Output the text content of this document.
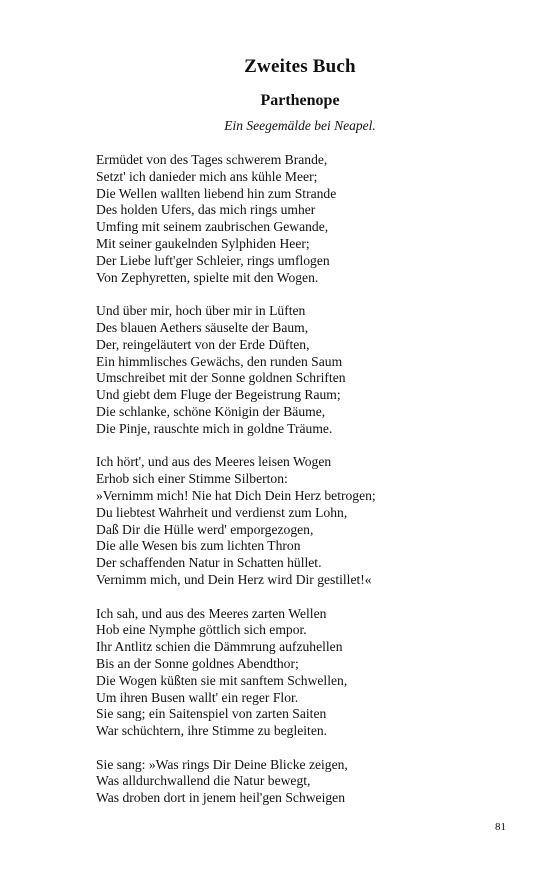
Zweites Buch
Parthenope
Ein Seegemälde bei Neapel.
Ermüdet von des Tages schwerem Brande,
Setzt' ich danieder mich ans kühle Meer;
Die Wellen wallten liebend hin zum Strande
Des holden Ufers, das mich rings umher
Umfing mit seinem zaubrischen Gewande,
Mit seiner gaukelnden Sylphiden Heer;
Der Liebe luft'ger Schleier, rings umflogen
Von Zephyretten, spielte mit den Wogen.
Und über mir, hoch über mir in Lüften
Des blauen Aethers säuselte der Baum,
Der, reingeläutert von der Erde Düften,
Ein himmlisches Gewächs, den runden Saum
Umschreibet mit der Sonne goldnen Schriften
Und giebt dem Fluge der Begeistrung Raum;
Die schlanke, schöne Königin der Bäume,
Die Pinje, rauschte mich in goldne Träume.
Ich hört', und aus des Meeres leisen Wogen
Erhob sich einer Stimme Silberton:
»Vernimm mich! Nie hat Dich Dein Herz betrogen;
Du liebtest Wahrheit und verdienst zum Lohn,
Daß Dir die Hülle werd' emporgezogen,
Die alle Wesen bis zum lichten Thron
Der schaffenden Natur in Schatten hüllet.
Vernimm mich, und Dein Herz wird Dir gestillet!«
Ich sah, und aus des Meeres zarten Wellen
Hob eine Nymphe göttlich sich empor.
Ihr Antlitz schien die Dämmrung aufzuhellen
Bis an der Sonne goldnes Abendthor;
Die Wogen küßten sie mit sanftem Schwellen,
Um ihren Busen wallt' ein reger Flor.
Sie sang; ein Saitenspiel von zarten Saiten
War schüchtern, ihre Stimme zu begleiten.
Sie sang: »Was rings Dir Deine Blicke zeigen,
Was alldurchwallend die Natur bewegt,
Was droben dort in jenem heil'gen Schweigen
81
